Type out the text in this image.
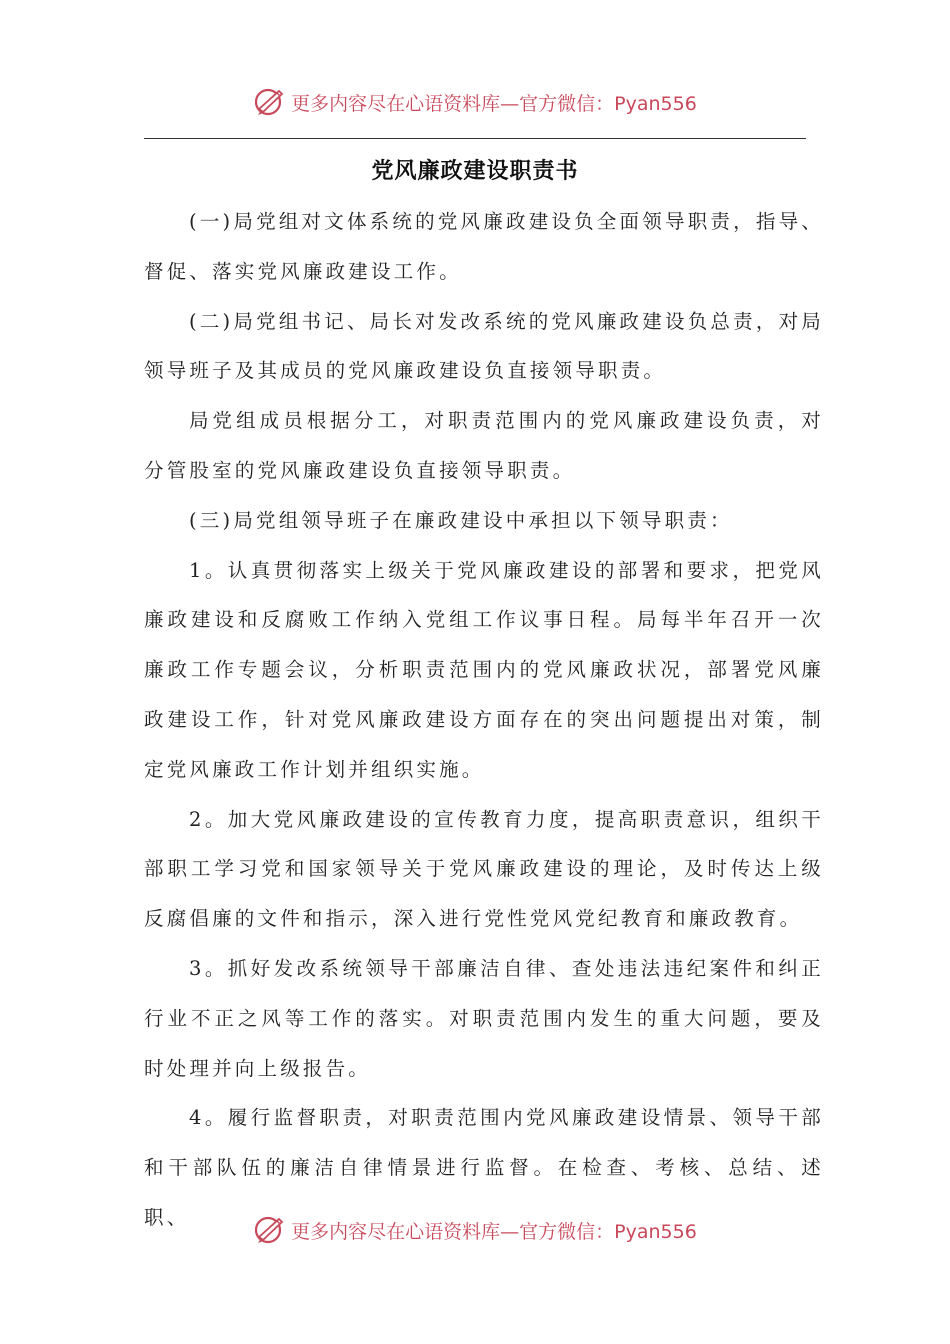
更多内容尽在心语资料库—官方微信：Pyan556
党风廉政建设职责书

(一)局党组对文体系统的党风廉政建设负全面领导职责，指导、督促、落实党风廉政建设工作。

(二)局党组书记、局长对发改系统的党风廉政建设负总责，对局领导班子及其成员的党风廉政建设负直接领导职责。

局党组成员根据分工，对职责范围内的党风廉政建设负责，对分管股室的党风廉政建设负直接领导职责。

(三)局党组领导班子在廉政建设中承担以下领导职责：

1。认真贯彻落实上级关于党风廉政建设的部署和要求，把党风廉政建设和反腐败工作纳入党组工作议事日程。局每半年召开一次廉政工作专题会议，分析职责范围内的党风廉政状况，部署党风廉政建设工作，针对党风廉政建设方面存在的突出问题提出对策，制定党风廉政工作计划并组织实施。

2。加大党风廉政建设的宣传教育力度，提高职责意识，组织干部职工学习党和国家领导关于党风廉政建设的理论，及时传达上级反腐倡廉的文件和指示，深入进行党性党风党纪教育和廉政教育。

3。抓好发改系统领导干部廉洁自律、查处违法违纪案件和纠正行业不正之风等工作的落实。对职责范围内发生的重大问题，要及时处理并向上级报告。

4。履行监督职责，对职责范围内党风廉政建设情景、领导干部和干部队伍的廉洁自律情景进行监督。在检查、考核、总结、述职、

更多内容尽在心语资料库—官方微信：Pyan556
